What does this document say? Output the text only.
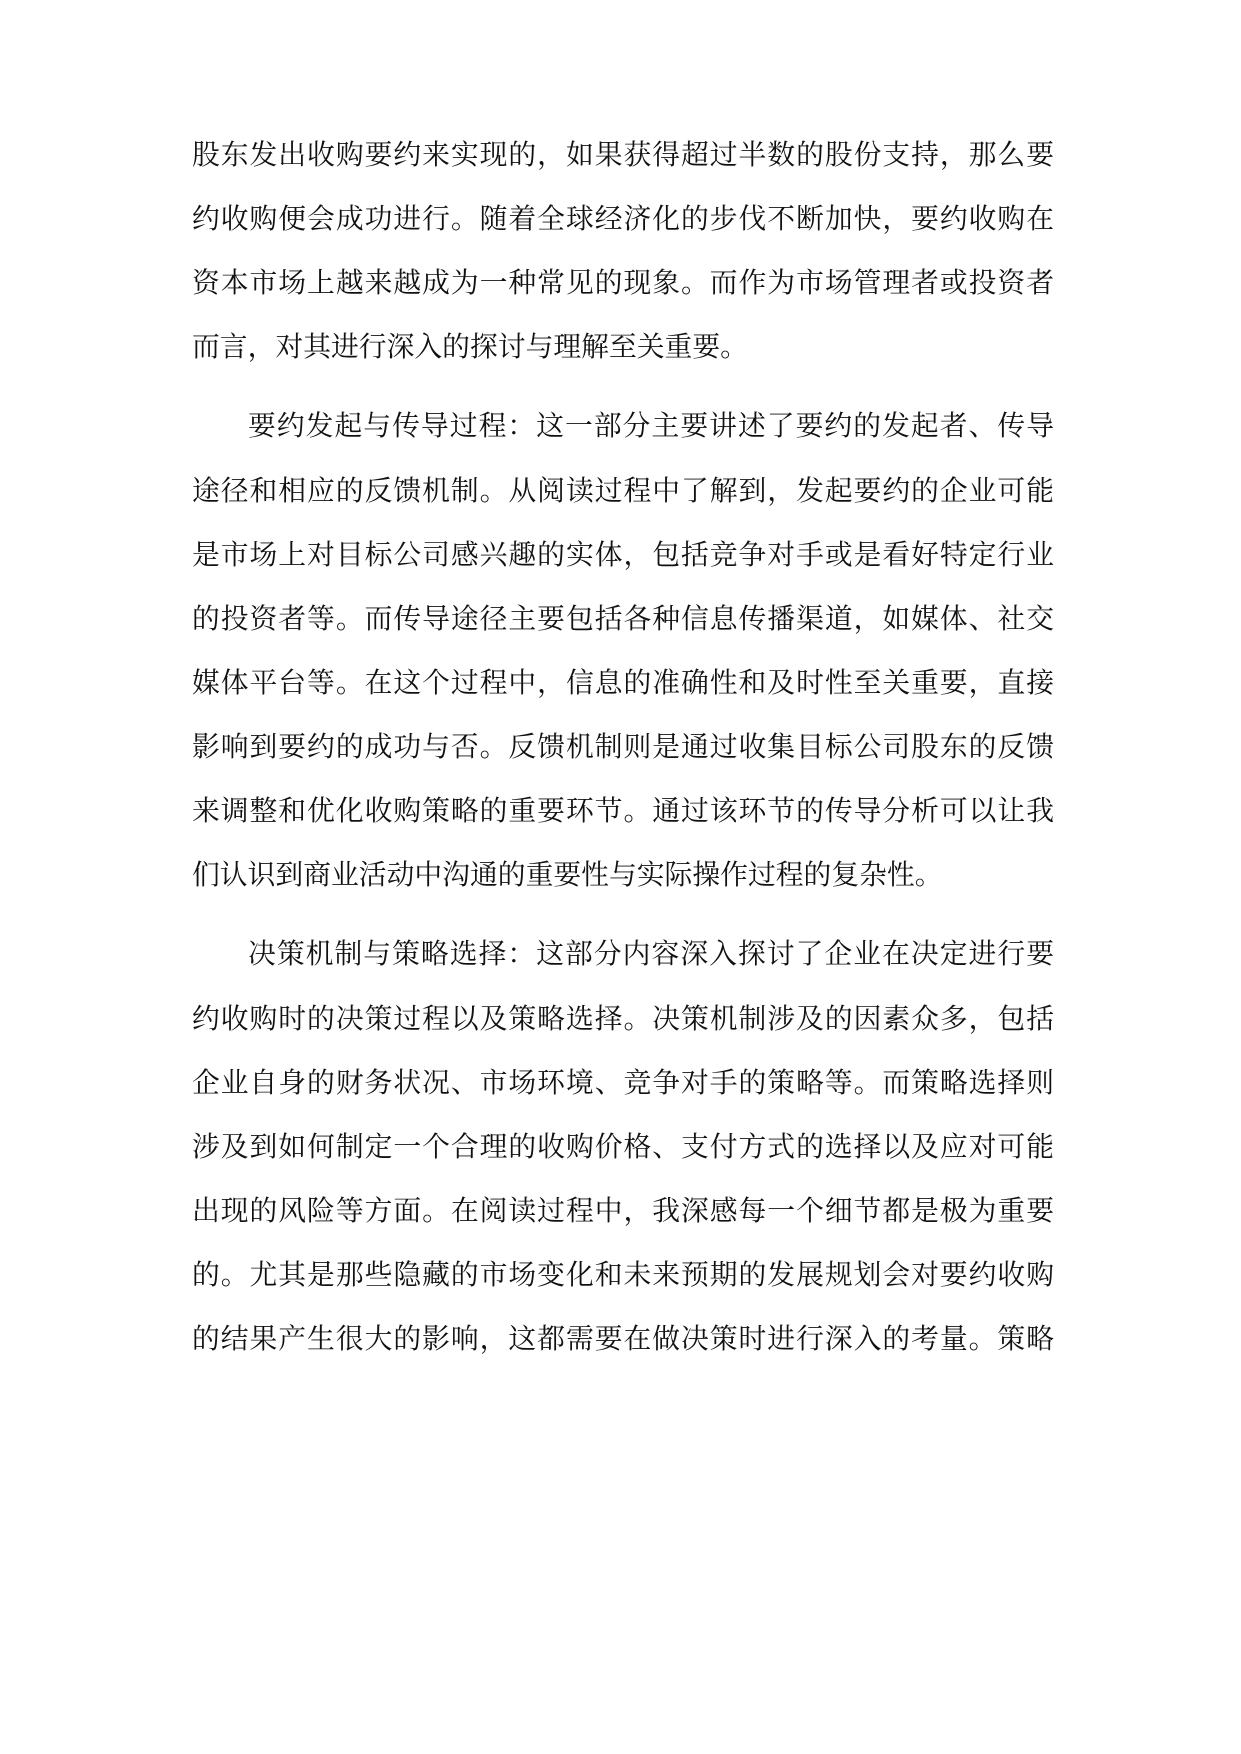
股东发出收购要约来实现的，如果获得超过半数的股份支持，那么要
约收购便会成功进行。随着全球经济化的步伐不断加快，要约收购在
资本市场上越来越成为一种常见的现象。而作为市场管理者或投资者
而言，对其进行深入的探讨与理解至关重要。
要约发起与传导过程：这一部分主要讲述了要约的发起者、传导
途径和相应的反馈机制。从阅读过程中了解到，发起要约的企业可能
是市场上对目标公司感兴趣的实体，包括竞争对手或是看好特定行业
的投资者等。而传导途径主要包括各种信息传播渠道，如媒体、社交
媒体平台等。在这个过程中，信息的准确性和及时性至关重要，直接
影响到要约的成功与否。反馈机制则是通过收集目标公司股东的反馈
来调整和优化收购策略的重要环节。通过该环节的传导分析可以让我
们认识到商业活动中沟通的重要性与实际操作过程的复杂性。
决策机制与策略选择：这部分内容深入探讨了企业在决定进行要
约收购时的决策过程以及策略选择。决策机制涉及的因素众多，包括
企业自身的财务状况、市场环境、竞争对手的策略等。而策略选择则
涉及到如何制定一个合理的收购价格、支付方式的选择以及应对可能
出现的风险等方面。在阅读过程中，我深感每一个细节都是极为重要
的。尤其是那些隐藏的市场变化和未来预期的发展规划会对要约收购
的结果产生很大的影响，这都需要在做决策时进行深入的考量。策略
